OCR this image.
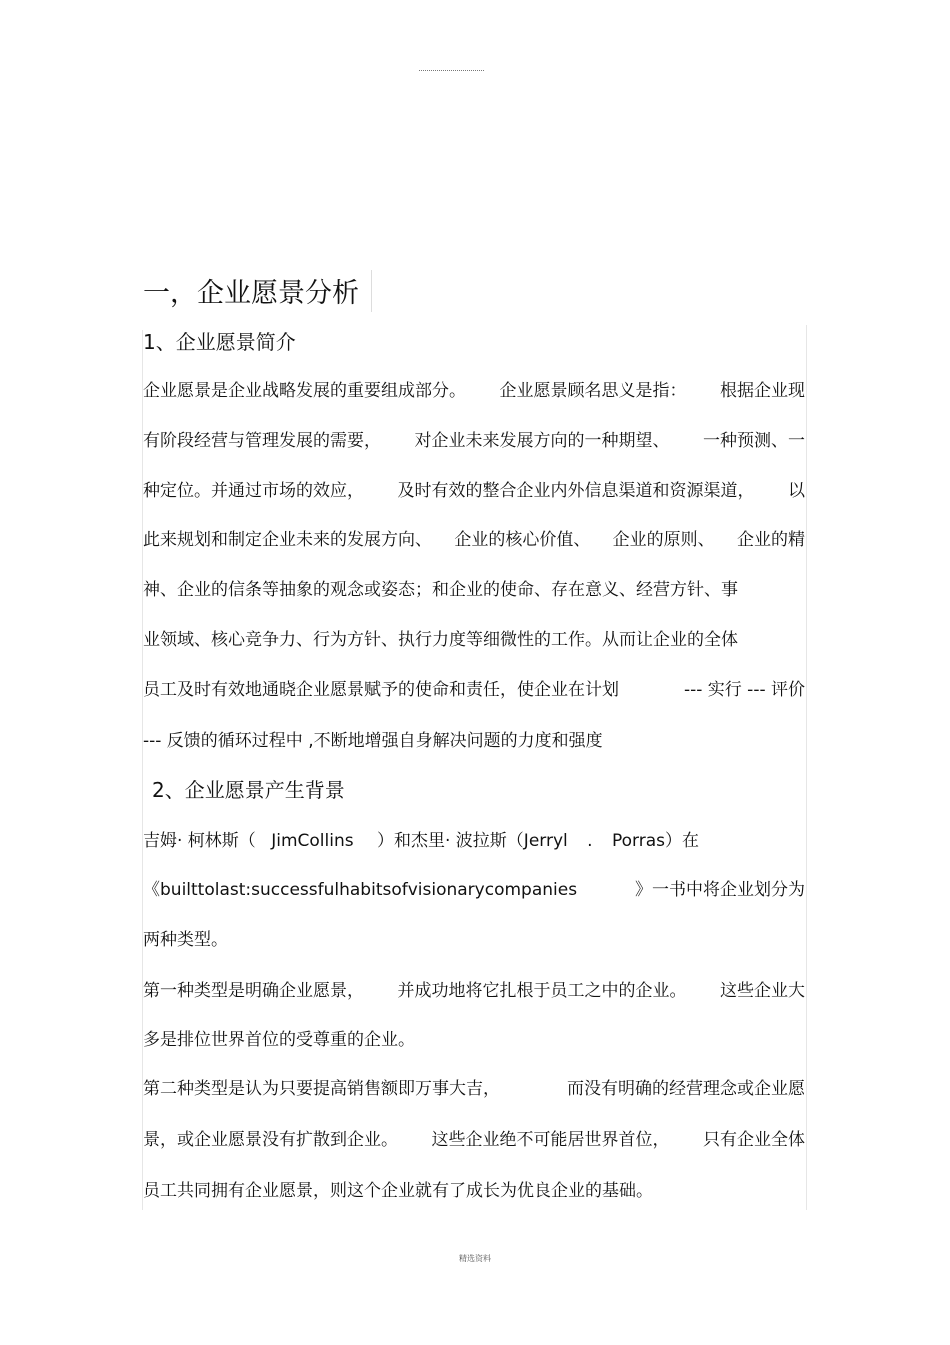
一，企业愿景分析
1、企业愿景简介
企业愿景是企业战略发展的重要组成部分。 企业愿景顾名思义是指： 根据企业现
有阶段经营与管理发展的需要， 对企业未来发展方向的一种期望、 一种预测、一
种定位。并通过市场的效应， 及时有效的整合企业内外信息渠道和资源渠道， 以
此来规划和制定企业未来的发展方向、 企业的核心价值、 企业的原则、 企业的精
神、企业的信条等抽象的观念或姿态；和企业的使命、存在意义、经营方针、事
业领域、核心竞争力、行为方针、执行力度等细微性的工作。从而让企业的全体
员工及时有效地通晓企业愿景赋予的使命和责任，使企业在计划	--- 实行 --- 评价
--- 反馈的循环过程中 ,不断地增强自身解决问题的力度和强度
2、企业愿景产生背景
吉姆· 柯林斯（ JimCollins ）和杰里· 波拉斯（Jerryl . Porras）在
《builttolast:successfulhabitsofvisionarycompanies	》一书中将企业划分为
两种类型。
第一种类型是明确企业愿景， 并成功地将它扎根于员工之中的企业。 这些企业大
多是排位世界首位的受尊重的企业。
第二种类型是认为只要提高销售额即万事大吉，	而没有明确的经营理念或企业愿
景，或企业愿景没有扩散到企业。 这些企业绝不可能居世界首位， 只有企业全体
员工共同拥有企业愿景，则这个企业就有了成长为优良企业的基础。
精选资料
